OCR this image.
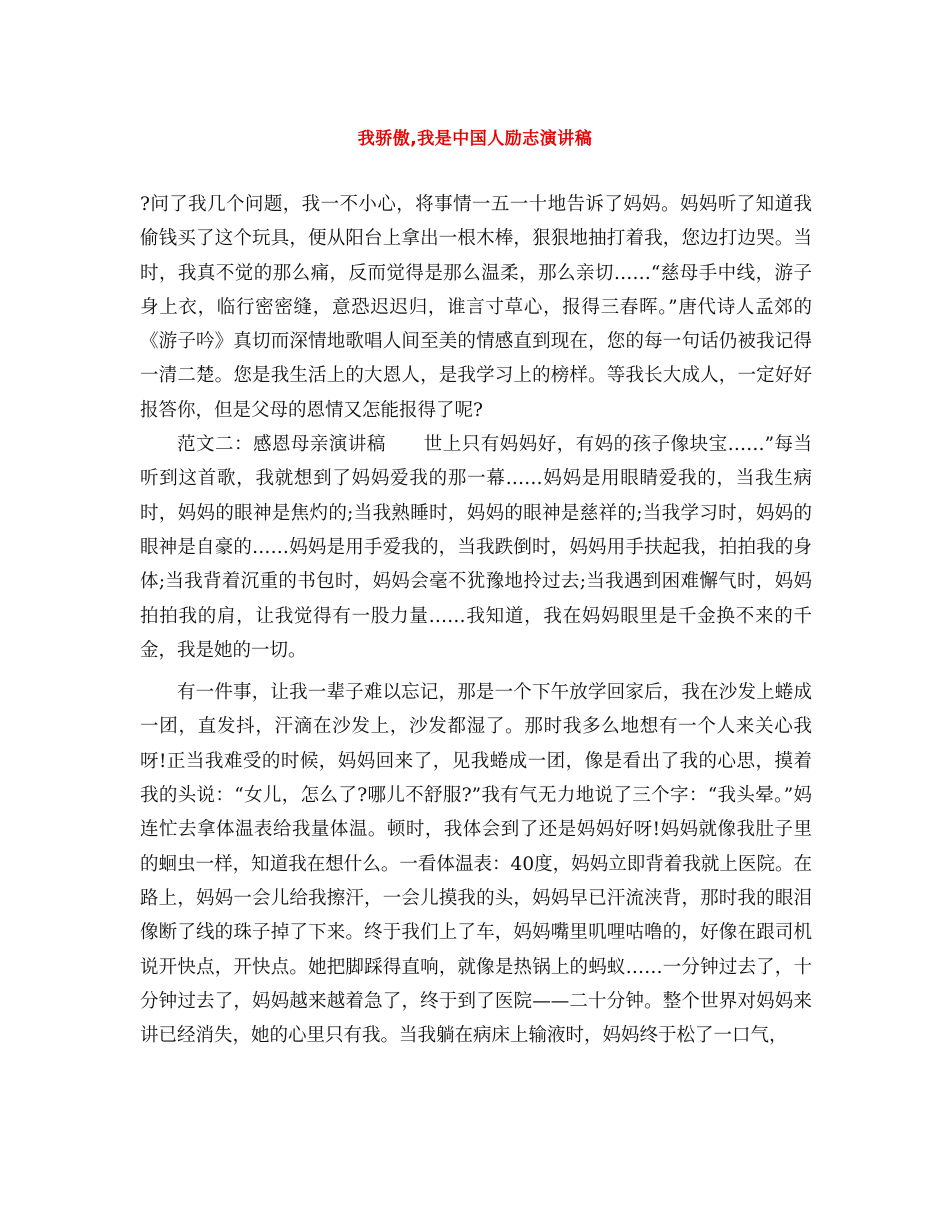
我骄傲,我是中国人励志演讲稿

?问了我几个问题，我一不小心，将事情一五一十地告诉了妈妈。妈妈听了知道我偷钱买了这个玩具，便从阳台上拿出一根木棒，狠狠地抽打着我，您边打边哭。当时，我真不觉的那么痛，反而觉得是那么温柔，那么亲切……“慈母手中线，游子身上衣，临行密密缝，意恐迟迟归，谁言寸草心，报得三春晖。”唐代诗人孟郊的《游子吟》真切而深情地歌唱人间至美的情感直到现在，您的每一句话仍被我记得一清二楚。您是我生活上的大恩人，是我学习上的榜样。等我长大成人，一定好好报答你，但是父母的恩情又怎能报得了呢?

范文二：感恩母亲演讲稿　　世上只有妈妈好，有妈的孩子像块宝……”每当听到这首歌，我就想到了妈妈爱我的那一幕……妈妈是用眼睛爱我的，当我生病时，妈妈的眼神是焦灼的;当我熟睡时，妈妈的眼神是慈祥的;当我学习时，妈妈的眼神是自豪的……妈妈是用手爱我的，当我跌倒时，妈妈用手扶起我，拍拍我的身体;当我背着沉重的书包时，妈妈会毫不犹豫地拎过去;当我遇到困难懈气时，妈妈拍拍我的肩，让我觉得有一股力量……我知道，我在妈妈眼里是千金换不来的千金，我是她的一切。

有一件事，让我一辈子难以忘记，那是一个下午放学回家后，我在沙发上蜷成一团，直发抖，汗滴在沙发上，沙发都湿了。那时我多么地想有一个人来关心我呀!正当我难受的时候，妈妈回来了，见我蜷成一团，像是看出了我的心思，摸着我的头说：“女儿，怎么了?哪儿不舒服?”我有气无力地说了三个字：“我头晕。”妈连忙去拿体温表给我量体温。顿时，我体会到了还是妈妈好呀!妈妈就像我肚子里的蛔虫一样，知道我在想什么。一看体温表：40度，妈妈立即背着我就上医院。在路上，妈妈一会儿给我擦汗，一会儿摸我的头，妈妈早已汗流浃背，那时我的眼泪像断了线的珠子掉了下来。终于我们上了车，妈妈嘴里叽哩咕噜的，好像在跟司机说开快点，开快点。她把脚踩得直响，就像是热锅上的蚂蚁……一分钟过去了，十分钟过去了，妈妈越来越着急了，终于到了医院——二十分钟。整个世界对妈妈来讲已经消失，她的心里只有我。当我躺在病床上输液时，妈妈终于松了一口气，
